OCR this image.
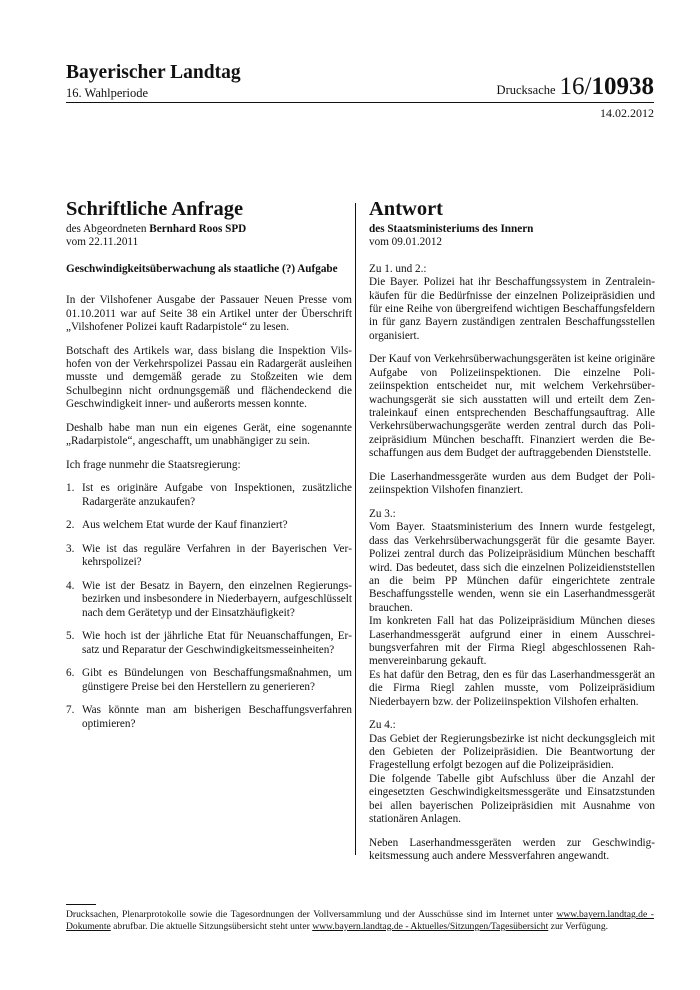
Bayerischer Landtag
16. Wahlperiode	Drucksache 16/10938
14.02.2012
Schriftliche Anfrage
des Abgeordneten Bernhard Roos SPD
vom 22.11.2011
Geschwindigkeitsüberwachung als staatliche (?) Aufgabe

In der Vilshofener Ausgabe der Passauer Neuen Presse vom 01.10.2011 war auf Seite 38 ein Artikel unter der Überschrift „Vilshofener Polizei kauft Radarpistole“ zu lesen.

Botschaft des Artikels war, dass bislang die Inspektion Vilshofen von der Verkehrspolizei Passau ein Radargerät ausleihen musste und demgemäß gerade zu Stoßzeiten wie dem Schulbeginn nicht ordnungsgemäß und flächendeckend die Geschwindigkeit inner- und außerorts messen konnte.

Deshalb habe man nun ein eigenes Gerät, eine sogenannte „Radarpistole“, angeschafft, um unabhängiger zu sein.

Ich frage nunmehr die Staatsregierung:

1. Ist es originäre Aufgabe von Inspektionen, zusätzliche Radargeräte anzukaufen?
2. Aus welchem Etat wurde der Kauf finanziert?
3. Wie ist das reguläre Verfahren in der Bayerischen Verkehrspolizei?
4. Wie ist der Besatz in Bayern, den einzelnen Regierungsbezirken und insbesondere in Niederbayern, aufgeschlüsselt nach dem Gerätetyp und der Einsatzhäufigkeit?
5. Wie hoch ist der jährliche Etat für Neuanschaffungen, Ersatz und Reparatur der Geschwindigkeitsmesseinheiten?
6. Gibt es Bündelungen von Beschaffungsmaßnahmen, um günstigere Preise bei den Herstellern zu generieren?
7. Was könnte man am bisherigen Beschaffungsverfahren optimieren?
Antwort
des Staatsministeriums des Innern
vom 09.01.2012
Zu 1. und 2.:

Die Bayer. Polizei hat ihr Beschaffungssystem in Zentraleinkäufen für die Bedürfnisse der einzelnen Polizeipräsidien und für eine Reihe von übergreifend wichtigen Beschaffungsfeldern in für ganz Bayern zuständigen zentralen Beschaffungsstellen organisiert.

Der Kauf von Verkehrsüberwachungsgeräten ist keine originäre Aufgabe von Polizeiinspektionen. Die einzelne Polizeiinspektion entscheidet nur, mit welchem Verkehrsüberwachungsgerät sie sich ausstatten will und erteilt dem Zentraleinkauf einen entsprechenden Beschaffungsauftrag. Alle Verkehrsüberwachungsgeräte werden zentral durch das Polizeipräsidium München beschafft. Finanziert werden die Beschaffungen aus dem Budget der auftraggebenden Dienststelle.

Die Laserhandmessgeräte wurden aus dem Budget der Polizeiinspektion Vilshofen finanziert.

Zu 3.:

Vom Bayer. Staatsministerium des Innern wurde festgelegt, dass das Verkehrsüberwachungsgerät für die gesamte Bayer. Polizei zentral durch das Polizeipräsidium München beschafft wird. Das bedeutet, dass sich die einzelnen Polizeidienststellen an die beim PP München dafür eingerichtete zentrale Beschaffungsstelle wenden, wenn sie ein Laserhandmessgerät brauchen.

Im konkreten Fall hat das Polizeipräsidium München dieses Laserhandmessgerät aufgrund einer in einem Ausschreibungsverfahren mit der Firma Riegl abgeschlossenen Rahmenvereinbarung gekauft.

Es hat dafür den Betrag, den es für das Laserhandmessgerät an die Firma Riegl zahlen musste, vom Polizeipräsidium Niederbayern bzw. der Polizeiinspektion Vilshofen erhalten.

Zu 4.:

Das Gebiet der Regierungsbezirke ist nicht deckungsgleich mit den Gebieten der Polizeipräsidien. Die Beantwortung der Fragestellung erfolgt bezogen auf die Polizeipräsidien.

Die folgende Tabelle gibt Aufschluss über die Anzahl der eingesetzten Geschwindigkeitsmessgeräte und Einsatzstunden bei allen bayerischen Polizeipräsidien mit Ausnahme von stationären Anlagen.

Neben Laserhandmessgeräten werden zur Geschwindigkeitsmessung auch andere Messverfahren angewandt.

Drucksachen, Plenarprotokolle sowie die Tagesordnungen der Vollversammlung und der Ausschüsse sind im Internet unter www.bayern.landtag.de - Dokumente abrufbar. Die aktuelle Sitzungsübersicht steht unter www.bayern.landtag.de - Aktuelles/Sitzungen/Tagesübersicht zur Verfügung.
